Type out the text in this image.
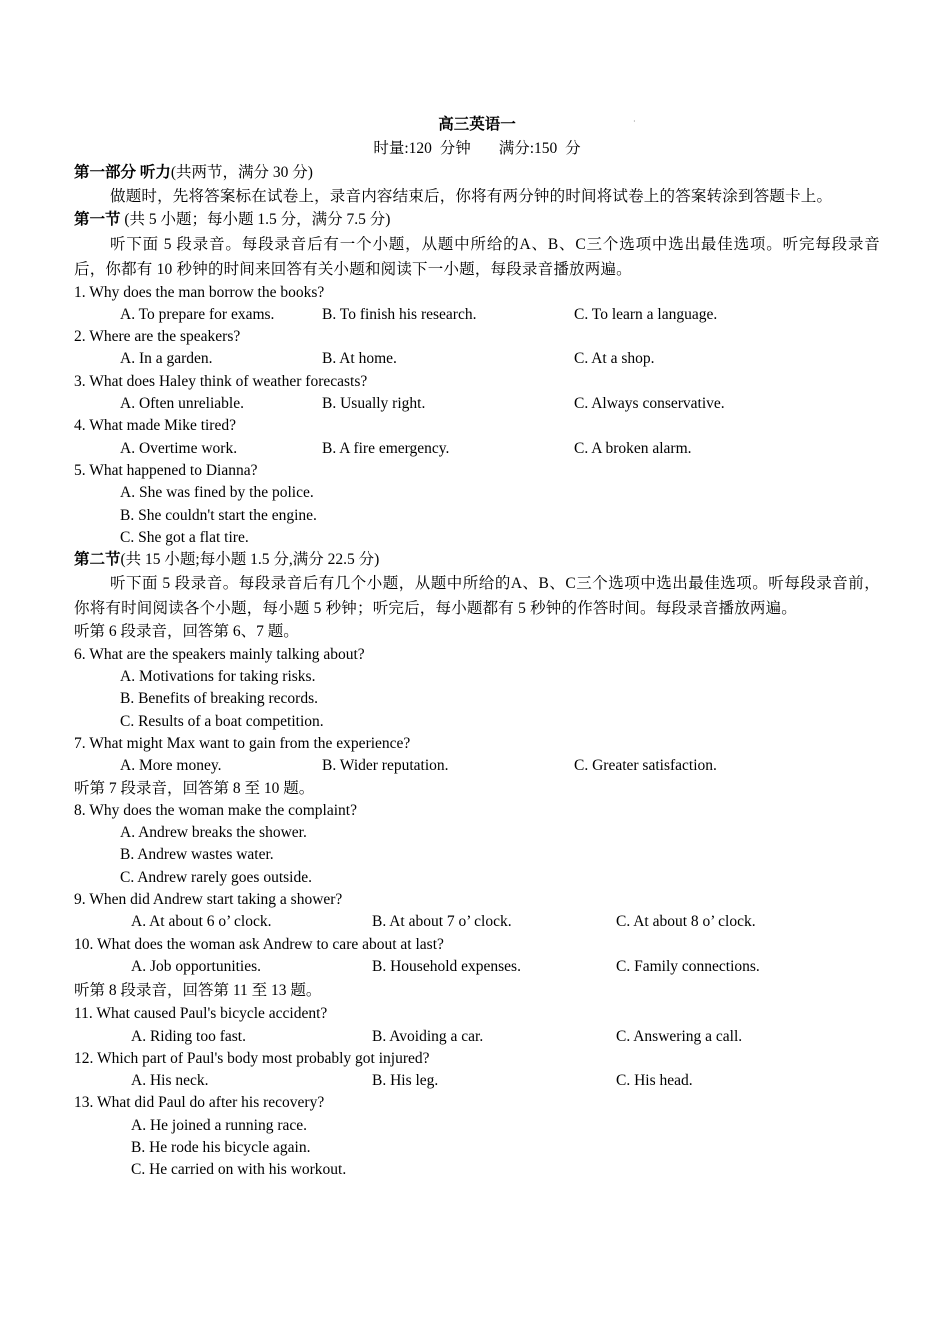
·
高三英语一
时量:120 分钟 满分:150 分
第一部分 听力(共两节，满分 30 分)
做题时，先将答案标在试卷上，录音内容结束后，你将有两分钟的时间将试卷上的答案转涂到答题卡上。
第一节 (共 5 小题；每小题 1.5 分，满分 7.5 分)
听下面 5 段录音。每段录音后有一个小题，从题中所给的A、B、C三个选项中选出最佳选项。听完每段录音后，你都有 10 秒钟的时间来回答有关小题和阅读下一小题，每段录音播放两遍。
1. Why does the man borrow the books?
A. To prepare for exams.	B. To finish his research.	C. To learn a language.
2. Where are the speakers?
A. In a garden.	B. At home.	C. At a shop.
3. What does Haley think of weather forecasts?
A. Often unreliable.	B. Usually right.	C. Always conservative.
4. What made Mike tired?
A. Overtime work.	B. A fire emergency.	C. A broken alarm.
5. What happened to Dianna?
A. She was fined by the police.
B. She couldn't start the engine.
C. She got a flat tire.
第二节(共 15 小题;每小题 1.5 分,满分 22.5 分)
听下面 5 段录音。每段录音后有几个小题，从题中所给的A、B、C三个选项中选出最佳选项。听每段录音前，你将有时间阅读各个小题，每小题 5 秒钟；听完后，每小题都有 5 秒钟的作答时间。每段录音播放两遍。
听第 6 段录音，回答第 6、7 题。
6. What are the speakers mainly talking about?
A. Motivations for taking risks.
B. Benefits of breaking records.
C. Results of a boat competition.
7. What might Max want to gain from the experience?
A. More money.	B. Wider reputation.	C. Greater satisfaction.
听第 7 段录音，回答第 8 至 10 题。
8. Why does the woman make the complaint?
A. Andrew breaks the shower.
B. Andrew wastes water.
C. Andrew rarely goes outside.
9. When did Andrew start taking a shower?
A. At about 6 o’ clock.	B. At about 7 o’ clock.	C. At about 8 o’ clock.
10. What does the woman ask Andrew to care about at last?
A. Job opportunities.	B. Household expenses.	C. Family connections.
听第 8 段录音，回答第 11 至 13 题。
11. What caused Paul's bicycle accident?
A. Riding too fast.	B. Avoiding a car.	C. Answering a call.
12. Which part of Paul's body most probably got injured?
A. His neck.	B. His leg.	C. His head.
13. What did Paul do after his recovery?
A. He joined a running race.
B. He rode his bicycle again.
C. He carried on with his workout.
